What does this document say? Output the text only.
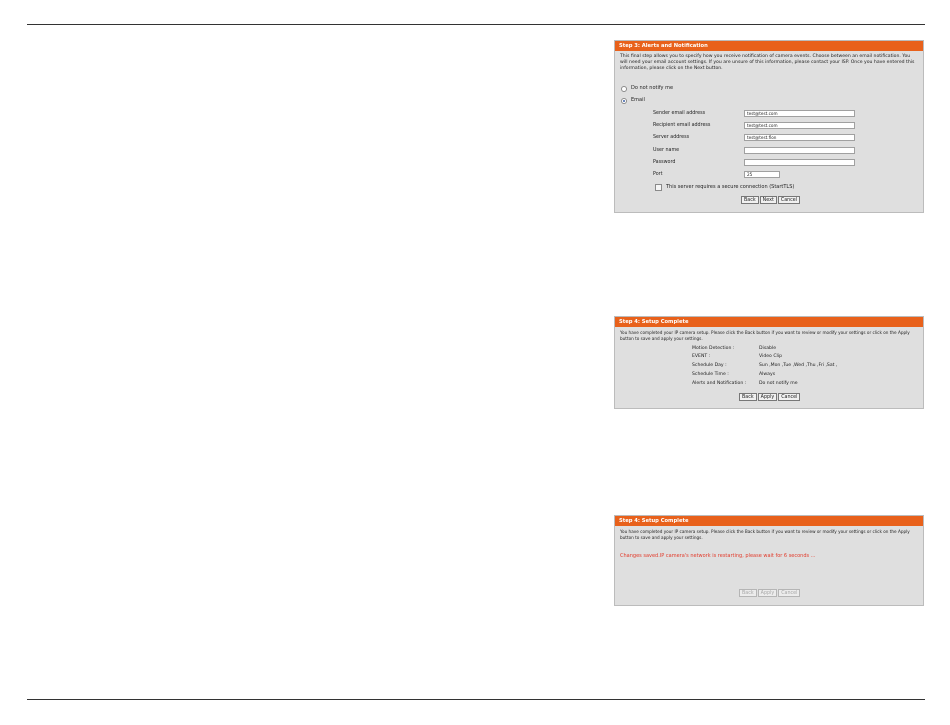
Step 3: Alerts and Notification
This final step allows you to specify how you receive notification of camera events. Choose between an email notification. You will need your email account settings. If you are unsure of this information, please contact your ISP. Once you have entered this information, please click on the Next button.
Do not notify me
Email
Sender email address	test@test.com
Recipient email address	test@test.com
Server address	test@test.flon
User name
Password
Port	25
This server requires a secure connection (StartTLS)
Back	Next	Cancel
Step 4: Setup Complete
You have completed your IP camera setup. Please click the Back button if you want to review or modify your settings or click on the Apply button to save and apply your settings.
Motion Detection :	Disable
EVENT :	Video Clip
Schedule Day :	Sun ,Mon ,Tue ,Wed ,Thu ,Fri ,Sat ,
Schedule Time :	Always
Alerts and Notification :	Do not notify me
Back	Apply	Cancel
Step 4: Setup Complete
You have completed your IP camera setup. Please click the Back button if you want to review or modify your settings or click on the Apply button to save and apply your settings.
Changes saved.IP camera's network is restarting, please wait for 6 seconds ...
Back	Apply	Cancel
